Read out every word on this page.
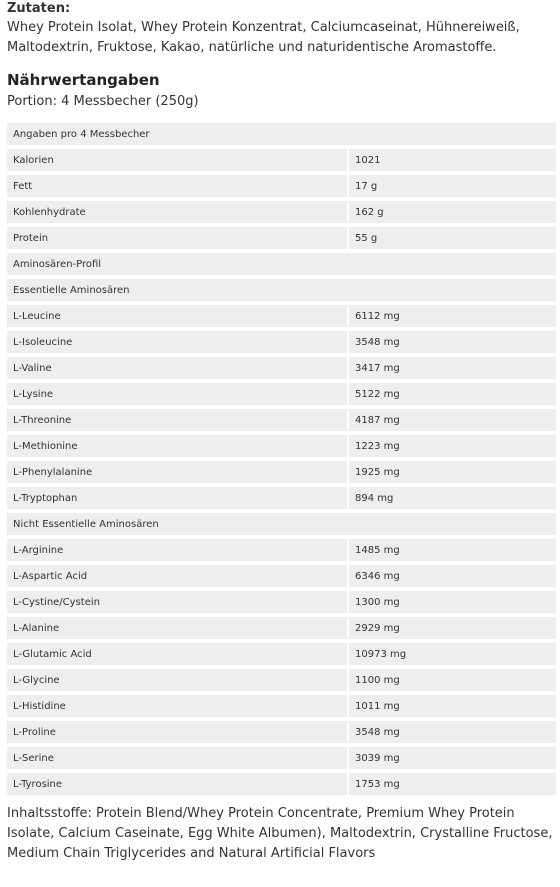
Zutaten:

Whey Protein Isolat, Whey Protein Konzentrat, Calciumcaseinat, Hühnereiweiß, Maltodextrin, Fruktose, Kakao, natürliche und naturidentische Aromastoffe.

Nährwertangaben

Portion: 4 Messbecher (250g)

Angaben pro 4 Messbecher	
Kalorien	1021
Fett	17 g
Kohlenhydrate	162 g
Protein	55 g
Aminosären-Profil	
Essentielle Aminosären	
L-Leucine	6112 mg
L-Isoleucine	3548 mg
L-Valine	3417 mg
L-Lysine	5122 mg
L-Threonine	4187 mg
L-Methionine	1223 mg
L-Phenylalanine	1925 mg
L-Tryptophan	894 mg
Nicht Essentielle Aminosären	
L-Arginine	1485 mg
L-Aspartic Acid	6346 mg
L-Cystine/Cystein	1300 mg
L-Alanine	2929 mg
L-Glutamic Acid	10973 mg
L-Glycine	1100 mg
L-Histidine	1011 mg
L-Proline	3548 mg
L-Serine	3039 mg
L-Tyrosine	1753 mg

Inhaltsstoffe: Protein Blend/Whey Protein Concentrate, Premium Whey Protein Isolate, Calcium Caseinate, Egg White Albumen), Maltodextrin, Crystalline Fructose, Medium Chain Triglycerides and Natural Artificial Flavors
